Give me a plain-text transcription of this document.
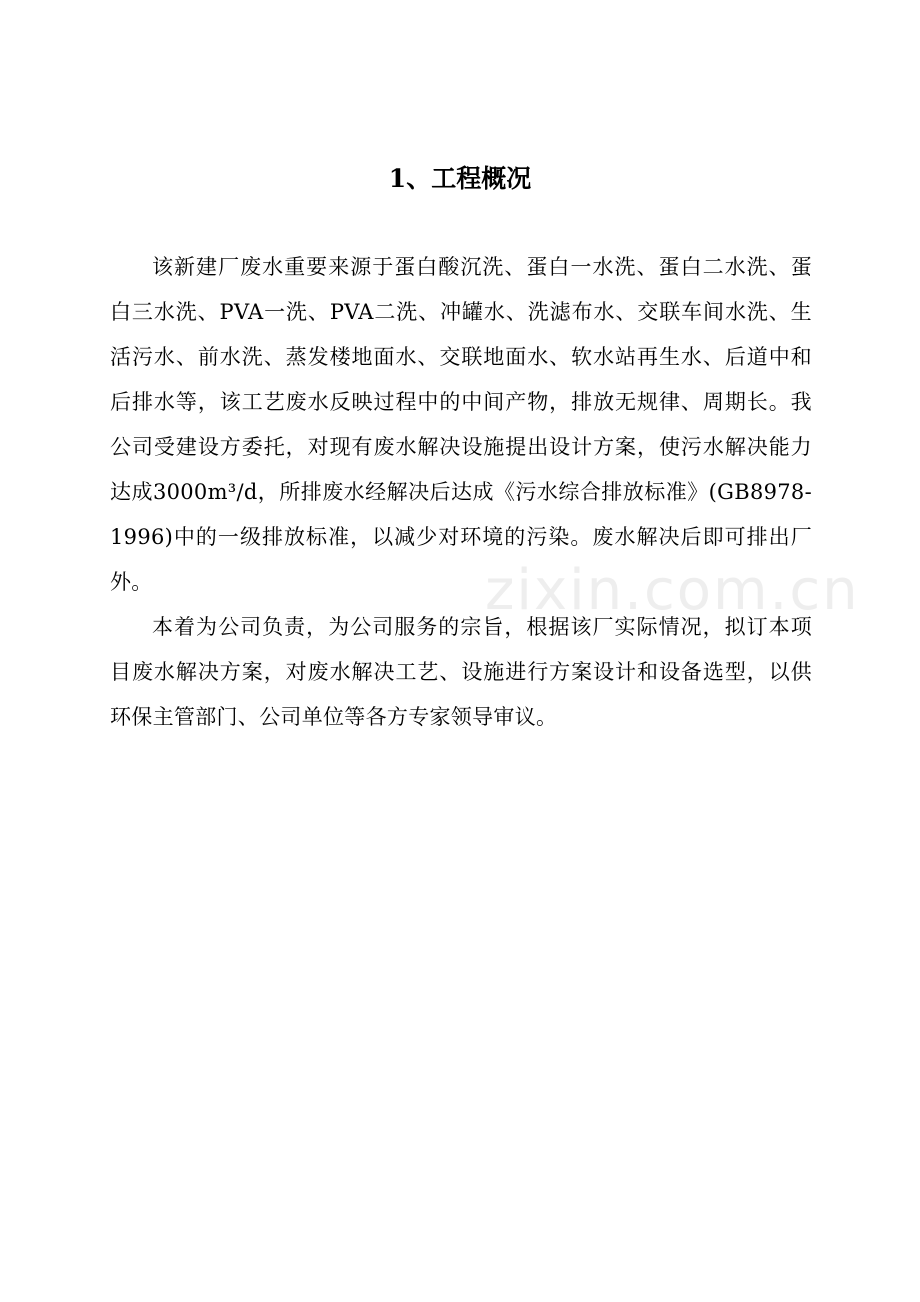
zixin.com.cn
1、工程概况

该新建厂废水重要来源于蛋白酸沉洗、蛋白一水洗、蛋白二水洗、蛋白三水洗、PVA一洗、PVA二洗、冲罐水、洗滤布水、交联车间水洗、生活污水、前水洗、蒸发楼地面水、交联地面水、软水站再生水、后道中和后排水等，该工艺废水反映过程中的中间产物，排放无规律、周期长。我公司受建设方委托，对现有废水解决设施提出设计方案，使污水解决能力达成3000m³/d，所排废水经解决后达成《污水综合排放标准》(GB8978-1996)中的一级排放标准，以减少对环境的污染。废水解决后即可排出厂外。

本着为公司负责，为公司服务的宗旨，根据该厂实际情况，拟订本项目废水解决方案，对废水解决工艺、设施进行方案设计和设备选型，以供环保主管部门、公司单位等各方专家领导审议。
